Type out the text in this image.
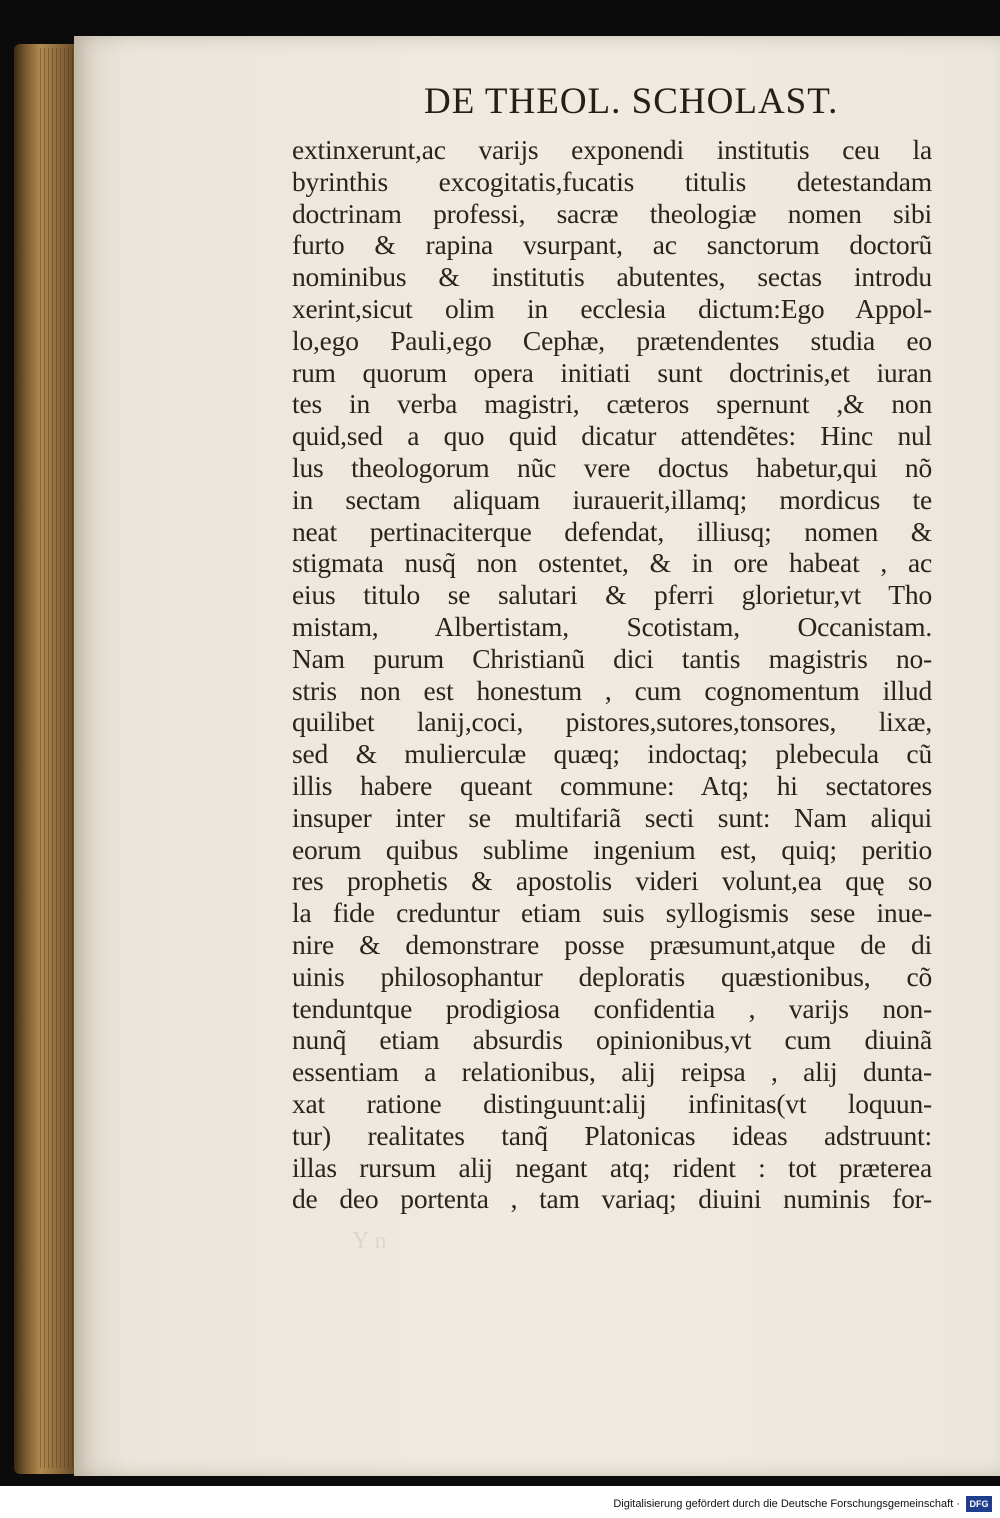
DE THEOL. SCHOLAST.
extinxerunt,ac varijs exponendi institutis ceu la
byrinthis excogitatis,fucatis titulis detestandam
doctrinam professi, sacræ theologiæ nomen sibi
furto & rapina vsurpant, ac sanctorum doctorũ
nominibus & institutis abutentes, sectas introdu
xerint,sicut olim in ecclesia dictum:Ego Appol-
lo,ego Pauli,ego Cephæ, prætendentes studia eo
rum quorum opera initiati sunt doctrinis,et iuran
tes in verba magistri, cæteros spernunt ,& non
quid,sed a quo quid dicatur attendẽtes: Hinc nul
lus theologorum nũc vere doctus habetur,qui nõ
in sectam aliquam iurauerit,illamq; mordicus te
neat pertinaciterque defendat, illiusq; nomen &
stigmata nusq̃ non ostentet, & in ore habeat , ac
eius titulo se salutari & pferri glorietur,vt Tho
mistam, Albertistam, Scotistam, Occanistam.
Nam purum Christianũ dici tantis magistris no-
stris non est honestum , cum cognomentum illud
quilibet lanij,coci, pistores,sutores,tonsores, lixæ,
sed & mulierculæ quæq; indoctaq; plebecula cũ
illis habere queant commune: Atq; hi sectatores
insuper inter se multifariã secti sunt: Nam aliqui
eorum quibus sublime ingenium est, quiq; peritio
res prophetis & apostolis videri volunt,ea quę so
la fide creduntur etiam suis syllogismis sese inue-
nire & demonstrare posse præsumunt,atque de di
uinis philosophantur deploratis quæstionibus, cõ
tenduntque prodigiosa confidentia , varijs non-
nunq̃ etiam absurdis opinionibus,vt cum diuinã
essentiam a relationibus, alij reipsa , alij dunta-
xat ratione distinguunt:alij infinitas(vt loquun-
tur) realitates tanq̃ Platonicas ideas adstruunt:
illas rursum alij negant atq; rident : tot præterea
de deo portenta , tam variaq; diuini numinis for-
Y n
Digitalisierung gefördert durch die Deutsche Forschungsgemeinschaft ·	DFG
